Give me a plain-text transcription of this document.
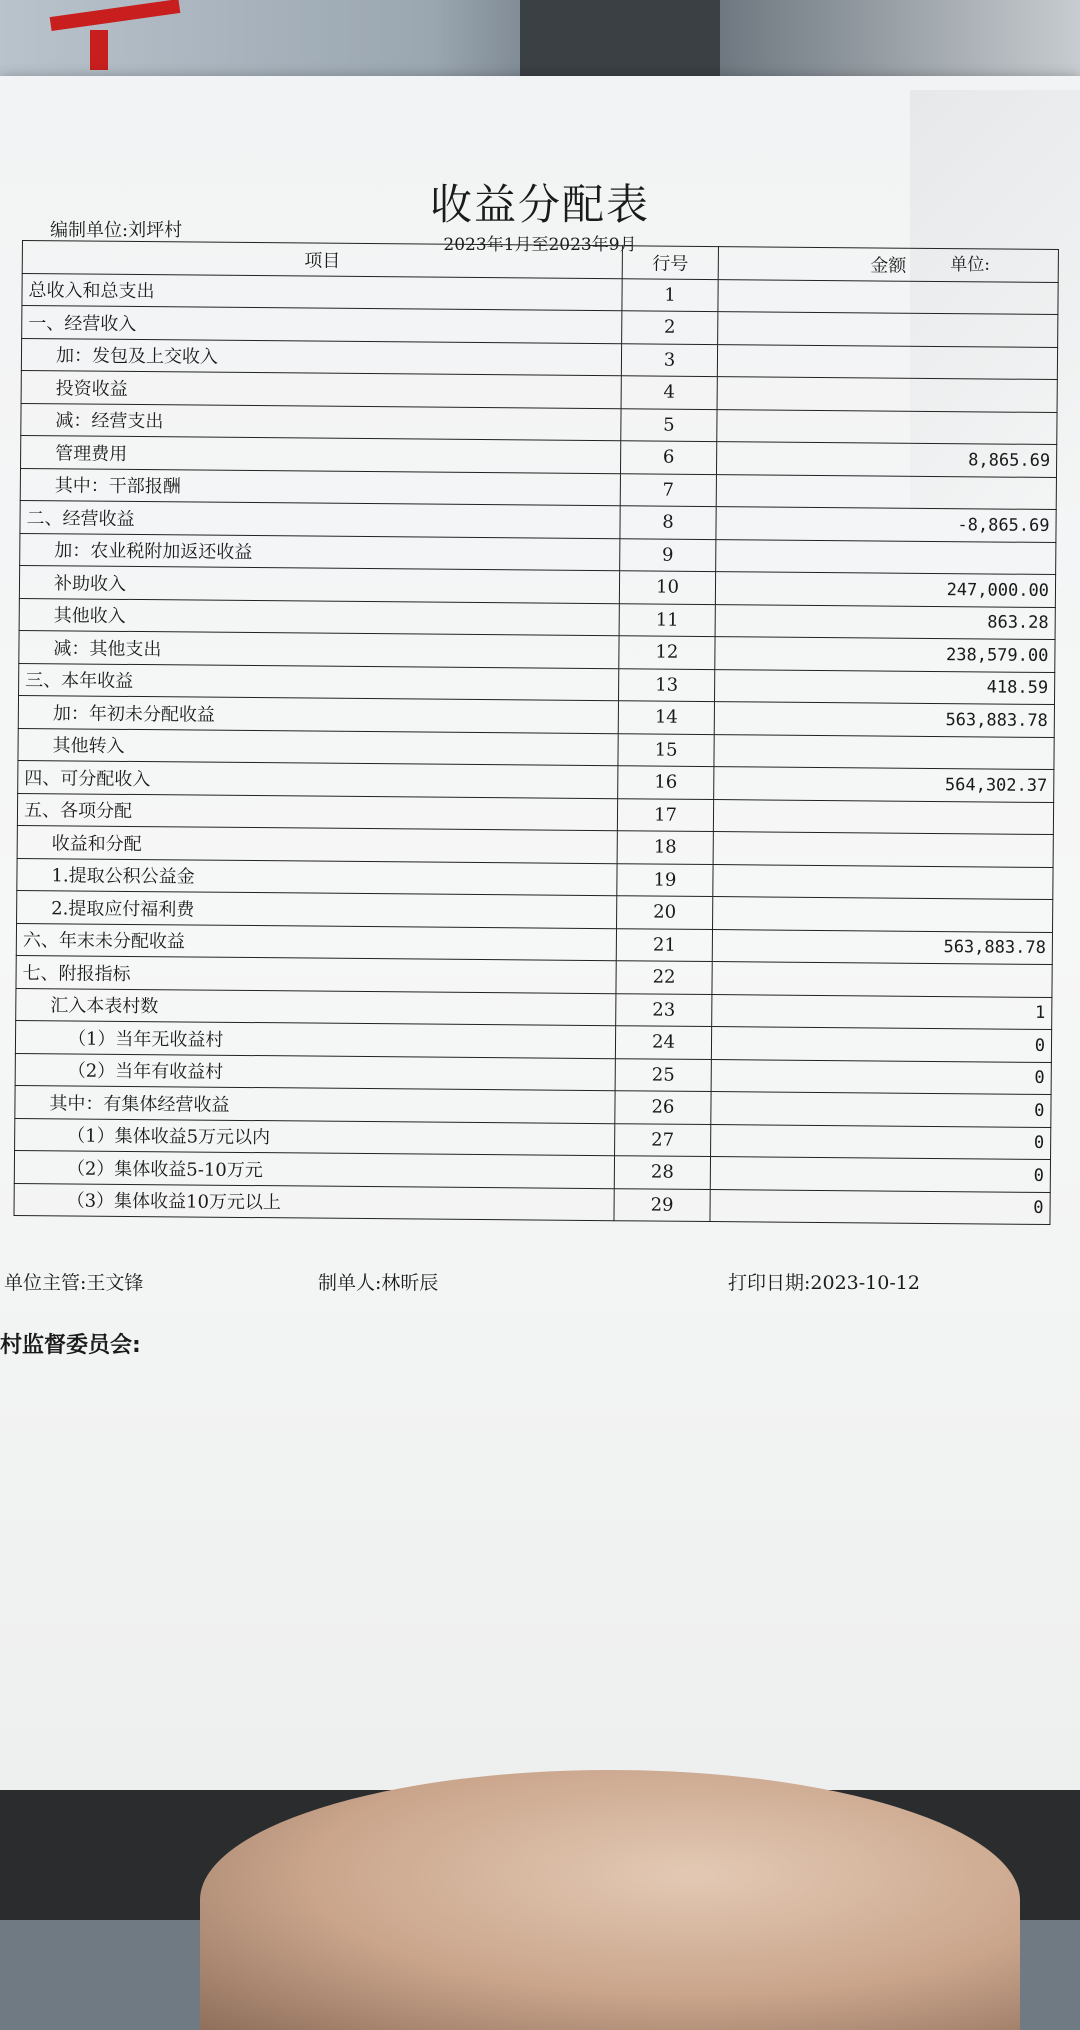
收益分配表
编制单位:刘坪村
2023年1月至2023年9月
单位:
项目	行号	金额
总收入和总支出	1	
一、经营收入	2	
加：发包及上交收入	3	
投资收益	4	
减：经营支出	5	
管理费用	6	8,865.69
其中：干部报酬	7	
二、经营收益	8	-8,865.69
加：农业税附加返还收益	9	
补助收入	10	247,000.00
其他收入	11	863.28
减：其他支出	12	238,579.00
三、本年收益	13	418.59
加：年初未分配收益	14	563,883.78
其他转入	15	
四、可分配收入	16	564,302.37
五、各项分配	17	
收益和分配	18	
1.提取公积公益金	19	
2.提取应付福利费	20	
六、年末未分配收益	21	563,883.78
七、附报指标	22	
汇入本表村数	23	1
（1）当年无收益村	24	0
（2）当年有收益村	25	0
其中：有集体经营收益	26	0
（1）集体收益5万元以内	27	0
（2）集体收益5-10万元	28	0
（3）集体收益10万元以上	29	0
单位主管:王文锋	制单人:林昕辰	打印日期:2023-10-12
村监督委员会:
